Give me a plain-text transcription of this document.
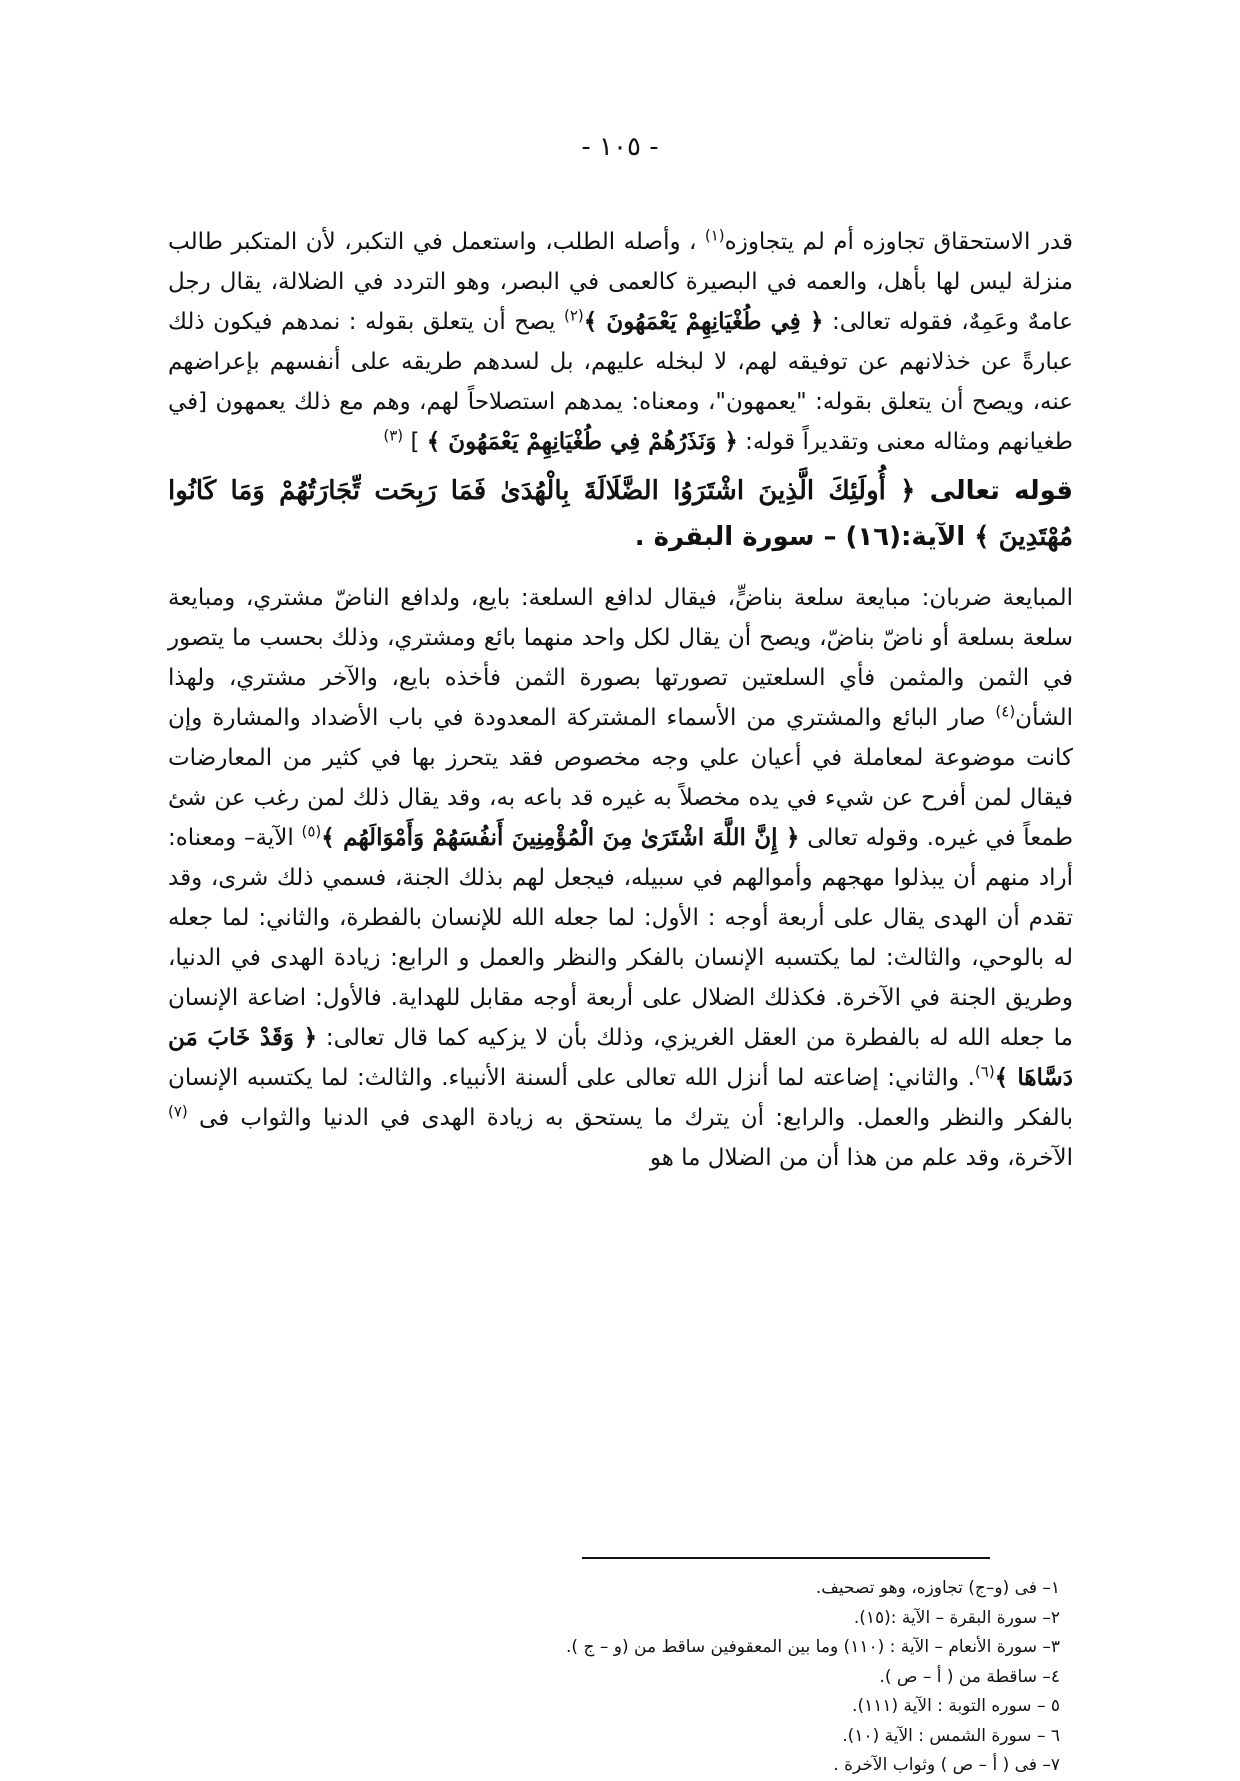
- ١٠٥ -

قدر الاستحقاق تجاوزه أم لم يتجاوزه$^{(١)}$ ، وأصله الطلب، واستعمل في التكبر، لأن المتكبر طالب منزلة ليس لها بأهل، والعمه في البصيرة كالعمى في البصر، وهو التردد في الضلالة، يقال رجل عامهٌ وعَمِهٌ، فقوله تعالى: ﴿ فِي طُغْيَانِهِمْ يَعْمَهُونَ ﴾$^{(٢)}$ يصح أن يتعلق بقوله : نمدهم فيكون ذلك عبارةً عن خذلانهم عن توفيقه لهم، لا لبخله عليهم، بل لسدهم طريقه على أنفسهم بإعراضهم عنه، ويصح أن يتعلق بقوله: "يعمهون"، ومعناه: يمدهم استصلاحاً لهم، وهم مع ذلك يعمهون [في طغيانهم ومثاله معنى وتقديراً قوله: ﴿ وَنَذَرُهُمْ فِي طُغْيَانِهِمْ يَعْمَهُونَ ﴾ ] $^{(٣)}$

قوله تعالى ﴿ أُولَئِكَ الَّذِينَ اشْتَرَوُا الضَّلَالَةَ بِالْهُدَىٰ فَمَا رَبِحَت تِّجَارَتُهُمْ وَمَا كَانُوا مُهْتَدِينَ ﴾ الآية:(١٦) – سورة البقرة .

المبايعة ضربان: مبايعة سلعة بناضٍّ، فيقال لدافع السلعة: بايع، ولدافع الناضّ مشتري، ومبايعة سلعة بسلعة أو ناضّ بناضّ، ويصح أن يقال لكل واحد منهما بائع ومشتري، وذلك بحسب ما يتصور في الثمن والمثمن فأي السلعتين تصورتها بصورة الثمن فأخذه بايع، والآخر مشتري، ولهذا الشأن$^{(٤)}$ صار البائع والمشتري من الأسماء المشتركة المعدودة في باب الأضداد والمشارة وإن كانت موضوعة لمعاملة في أعيان علي وجه مخصوص فقد يتحرز بها في كثير من المعارضات فيقال لمن أفرح عن شيء في يده مخصلاً به غيره قد باعه به، وقد يقال ذلك لمن رغب عن شئ طمعاً في غيره. وقوله تعالى ﴿ إِنَّ اللَّهَ اشْتَرَىٰ مِنَ الْمُؤْمِنِينَ أَنفُسَهُمْ وَأَمْوَالَهُم ﴾$^{(٥)}$ الآية– ومعناه: أراد منهم أن يبذلوا مهجهم وأموالهم في سبيله، فيجعل لهم بذلك الجنة، فسمي ذلك شرى، وقد تقدم أن الهدى يقال على أربعة أوجه : الأول: لما جعله الله للإنسان بالفطرة، والثاني: لما جعله له بالوحي، والثالث: لما يكتسبه الإنسان بالفكر والنظر والعمل و الرابع: زيادة الهدى في الدنيا، وطريق الجنة في الآخرة. فكذلك الضلال على أربعة أوجه مقابل للهداية. فالأول: اضاعة الإنسان ما جعله الله له بالفطرة من العقل الغريزي، وذلك بأن لا يزكيه كما قال تعالى: ﴿ وَقَدْ خَابَ مَن دَسَّاهَا ﴾$^{(٦)}$. والثاني: إضاعته لما أنزل الله تعالى على ألسنة الأنبياء. والثالث: لما يكتسبه الإنسان بالفكر والنظر والعمل. والرابع: أن يترك ما يستحق به زيادة الهدى في الدنيا والثواب فى $^{(٧)}$ الآخرة، وقد علم من هذا أن من الضلال ما هو

١– فى (و–ج) تجاوزه، وهو تصحيف.
٢– سورة البقرة – الآية :(١٥).
٣– سورة الأنعام – الآية : (١١٠) وما بين المعقوفين ساقط من (و – ج ).
٤– ساقطة من ( أ – ص ).
٥ – سوره التوبة : الآية (١١١).
٦ – سورة الشمس : الآية (١٠).
٧– فى ( أ – ص ) وثواب الآخرة .
